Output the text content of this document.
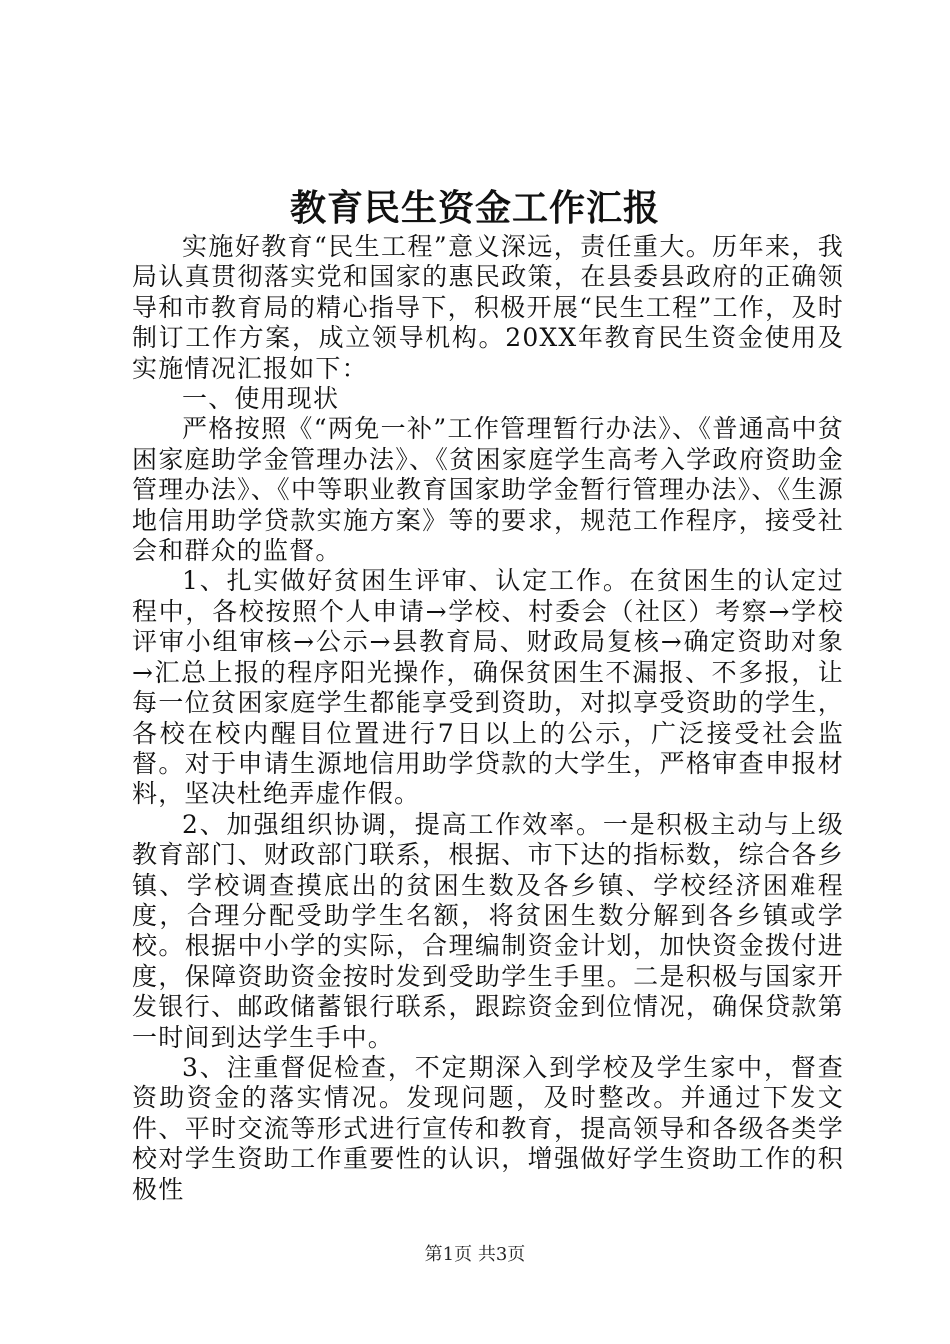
教育民生资金工作汇报

实施好教育“民生工程”意义深远，责任重大。历年来，我局认真贯彻落实党和国家的惠民政策，在县委县政府的正确领导和市教育局的精心指导下，积极开展“民生工程”工作，及时制订工作方案，成立领导机构。20XX年教育民生资金使用及实施情况汇报如下：

一、使用现状

严格按照《“两免一补”工作管理暂行办法》、《普通高中贫困家庭助学金管理办法》、《贫困家庭学生高考入学政府资助金管理办法》、《中等职业教育国家助学金暂行管理办法》、《生源地信用助学贷款实施方案》等的要求，规范工作程序，接受社会和群众的监督。

1、扎实做好贫困生评审、认定工作。在贫困生的认定过程中，各校按照个人申请→学校、村委会（社区）考察→学校评审小组审核→公示→县教育局、财政局复核→确定资助对象→汇总上报的程序阳光操作，确保贫困生不漏报、不多报，让每一位贫困家庭学生都能享受到资助，对拟享受资助的学生，各校在校内醒目位置进行7日以上的公示，广泛接受社会监督。对于申请生源地信用助学贷款的大学生，严格审查申报材料，坚决杜绝弄虚作假。

2、加强组织协调，提高工作效率。一是积极主动与上级教育部门、财政部门联系，根据、市下达的指标数，综合各乡镇、学校调查摸底出的贫困生数及各乡镇、学校经济困难程度，合理分配受助学生名额，将贫困生数分解到各乡镇或学校。根据中小学的实际，合理编制资金计划，加快资金拨付进度，保障资助资金按时发到受助学生手里。二是积极与国家开发银行、邮政储蓄银行联系，跟踪资金到位情况，确保贷款第一时间到达学生手中。

3、注重督促检查，不定期深入到学校及学生家中，督查资助资金的落实情况。发现问题，及时整改。并通过下发文件、平时交流等形式进行宣传和教育，提高领导和各级各类学校对学生资助工作重要性的认识，增强做好学生资助工作的积极性

第1页 共3页
